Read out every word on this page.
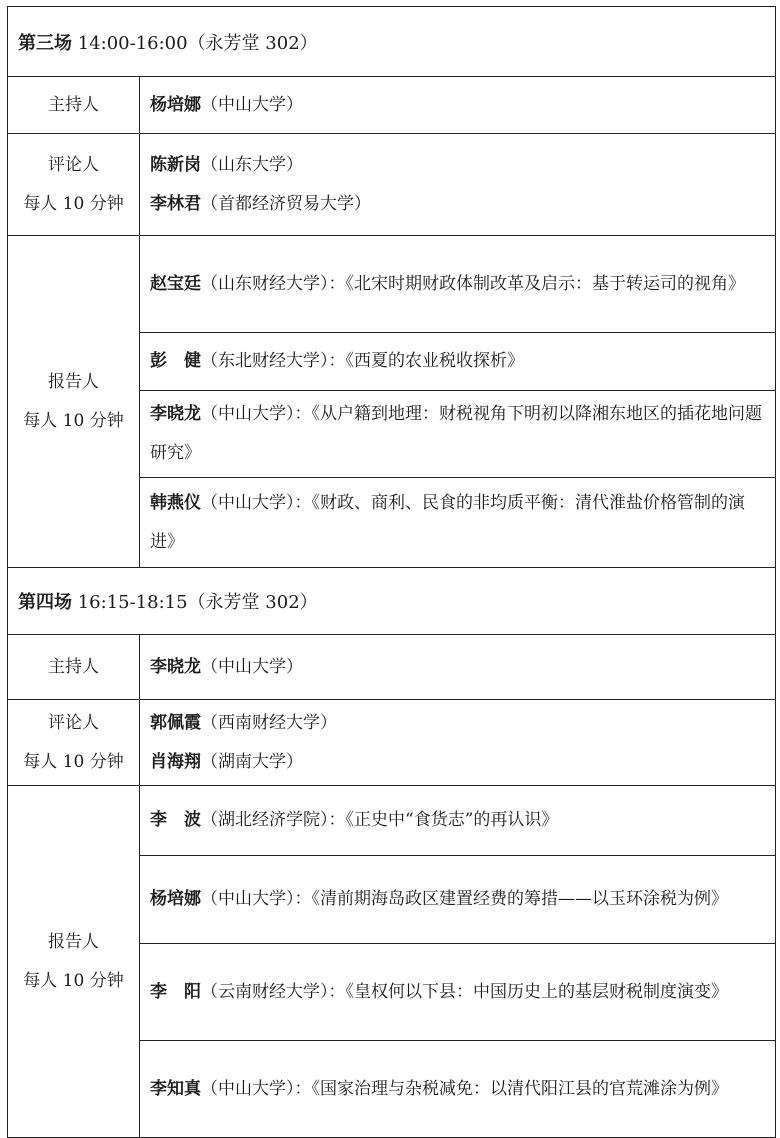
第三场 14:00-16:00（永芳堂 302）	
主持人	杨培娜（中山大学）

评论人
每人 10 分钟	陈新岗（山东大学）
李林君（首都经济贸易大学）

报告人
每人 10 分钟	赵宝廷（山东财经大学）：《北宋时期财政体制改革及启示：基于转运司的视角》
	彭　健（东北财经大学）：《西夏的农业税收探析》
	李晓龙（中山大学）：《从户籍到地理：财税视角下明初以降湘东地区的插花地问题研究》
	韩燕仪（中山大学）：《财政、商利、民食的非均质平衡：清代淮盐价格管制的演进》
第四场 16:15-18:15（永芳堂 302）	
主持人	李晓龙（中山大学）

评论人
每人 10 分钟	郭佩霞（西南财经大学）
肖海翔（湖南大学）

报告人
每人 10 分钟	李　波（湖北经济学院）：《正史中“食货志”的再认识》
	杨培娜（中山大学）：《清前期海岛政区建置经费的筹措——以玉环涂税为例》
	李　阳（云南财经大学）：《皇权何以下县：中国历史上的基层财税制度演变》
	李知真（中山大学）：《国家治理与杂税减免：以清代阳江县的官荒滩涂为例》
